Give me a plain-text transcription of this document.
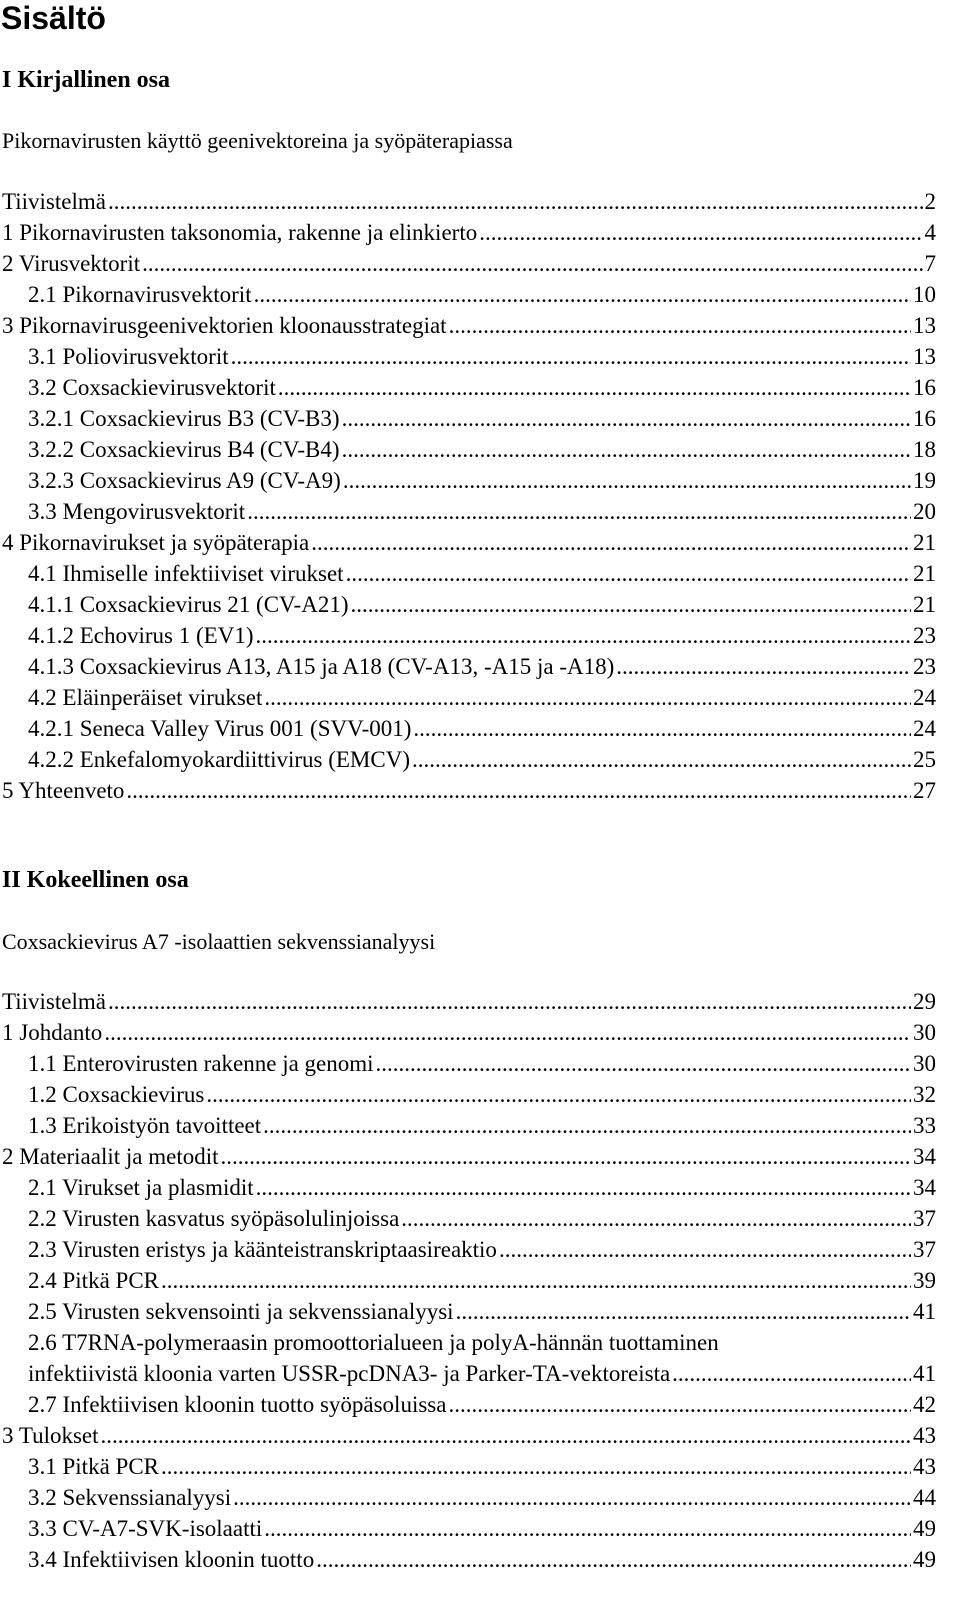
Sisältö
I Kirjallinen osa
Pikornavirusten käyttö geenivektoreina ja syöpäterapiassa
Tiivistelmä .....	2
1 Pikornavirusten taksonomia, rakenne ja elinkierto .....	4
2 Virusvektorit .....	7
2.1 Pikornavirusvektorit .....	10
3 Pikornavirusgeenivektorien kloonausstrategiat .....	13
3.1 Poliovirusvektorit .....	13
3.2 Coxsackievirusvektorit .....	16
3.2.1 Coxsackievirus B3 (CV-B3) .....	16
3.2.2 Coxsackievirus B4 (CV-B4) .....	18
3.2.3 Coxsackievirus A9 (CV-A9) .....	19
3.3 Mengovirusvektorit .....	20
4 Pikornavirukset ja syöpäterapia .....	21
4.1 Ihmiselle infektiiviset virukset .....	21
4.1.1 Coxsackievirus 21 (CV-A21) .....	21
4.1.2 Echovirus 1 (EV1) .....	23
4.1.3 Coxsackievirus A13, A15 ja A18 (CV-A13, -A15 ja -A18) .....	23
4.2 Eläinperäiset virukset .....	24
4.2.1 Seneca Valley Virus 001 (SVV-001) .....	24
4.2.2 Enkefalomyokardiittivirus (EMCV) .....	25
5 Yhteenveto .....	27
II Kokeellinen osa
Coxsackievirus A7 -isolaattien sekvenssianalyysi
Tiivistelmä .....	29
1 Johdanto .....	30
1.1 Enterovirusten rakenne ja genomi .....	30
1.2 Coxsackievirus .....	32
1.3 Erikoistyön tavoitteet .....	33
2 Materiaalit ja metodit .....	34
2.1 Virukset ja plasmidit .....	34
2.2 Virusten kasvatus syöpäsolulinjoissa .....	37
2.3 Virusten eristys ja käänteistranskriptaasireaktio .....	37
2.4 Pitkä PCR .....	39
2.5 Virusten sekvensointi ja sekvenssianalyysi .....	41
2.6 T7RNA-polymeraasin promoottorialueen ja polyA-hännän tuottaminen
infektiivistä kloonia varten USSR-pcDNA3- ja Parker-TA-vektoreista .....	41
2.7 Infektiivisen kloonin tuotto syöpäsoluissa .....	42
3 Tulokset .....	43
3.1 Pitkä PCR .....	43
3.2 Sekvenssianalyysi .....	44
3.3 CV-A7-SVK-isolaatti .....	49
3.4 Infektiivisen kloonin tuotto .....	49
